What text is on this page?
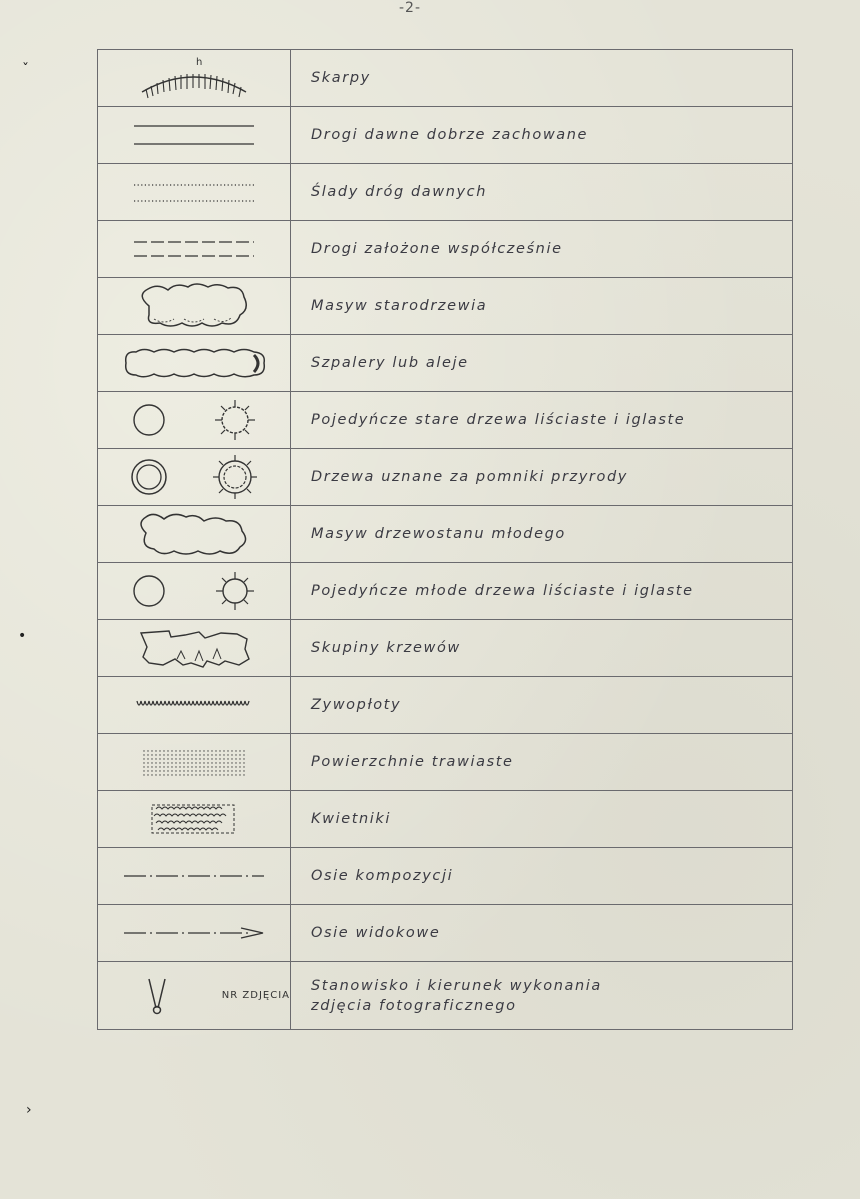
-2-
ˇ
•
›
h	Skarpy

	Drogi dawne dobrze zachowane

	Ślady dróg dawnych

	Drogi założone współcześnie

	Masyw starodrzewia

	Szpalery lub aleje

	Pojedyńcze stare drzewa liściaste i iglaste

	Drzewa uznane za pomniki przyrody

	Masyw drzewostanu młodego

	Pojedyńcze młode drzewa liściaste i iglaste

	Skupiny krzewów

	Zywopłoty

	Powierzchnie trawiaste

	Kwietniki

	Osie kompozycji

	Osie widokowe

NR ZDJĘCIA	Stanowisko i kierunek wykonania
zdjęcia fotograficznego
